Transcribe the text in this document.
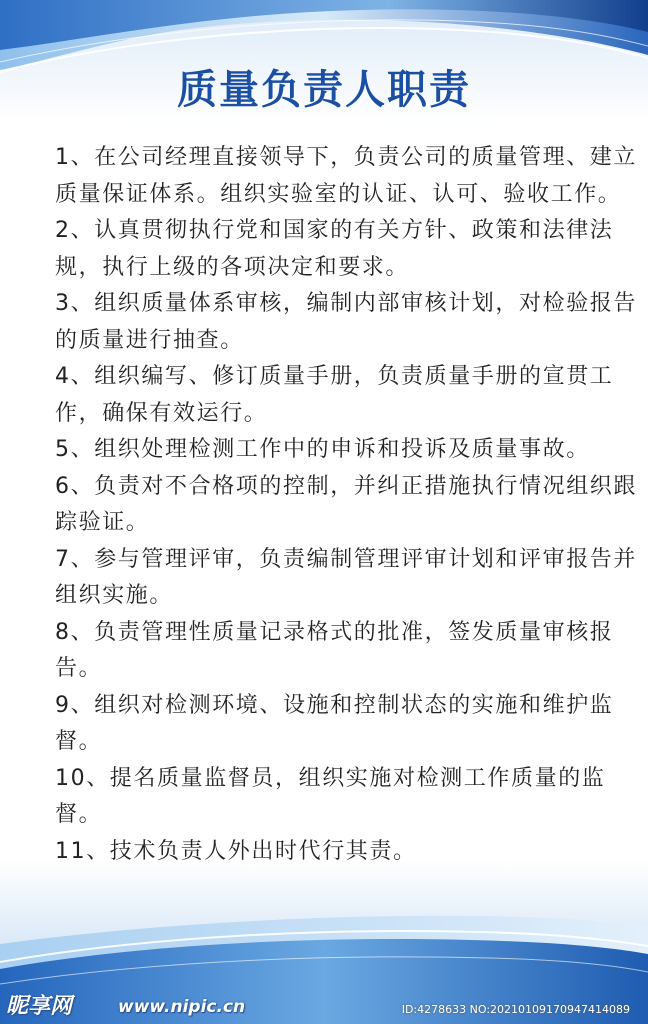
质量负责人职责
1、在公司经理直接领导下，负责公司的质量管理、建立质量保证体系。组织实验室的认证、认可、验收工作。
2、认真贯彻执行党和国家的有关方针、政策和法律法规，执行上级的各项决定和要求。
3、组织质量体系审核，编制内部审核计划，对检验报告的质量进行抽查。
4、组织编写、修订质量手册，负责质量手册的宣贯工作，确保有效运行。
5、组织处理检测工作中的申诉和投诉及质量事故。
6、负责对不合格项的控制，并纠正措施执行情况组织跟踪验证。
7、参与管理评审，负责编制管理评审计划和评审报告并组织实施。
8、负责管理性质量记录格式的批准，签发质量审核报告。
9、组织对检测环境、设施和控制状态的实施和维护监督。
10、提名质量监督员，组织实施对检测工作质量的监督。
11、技术负责人外出时代行其责。
昵享网	www.nipic.cn	ID:4278633 NO:20210109170947414089
